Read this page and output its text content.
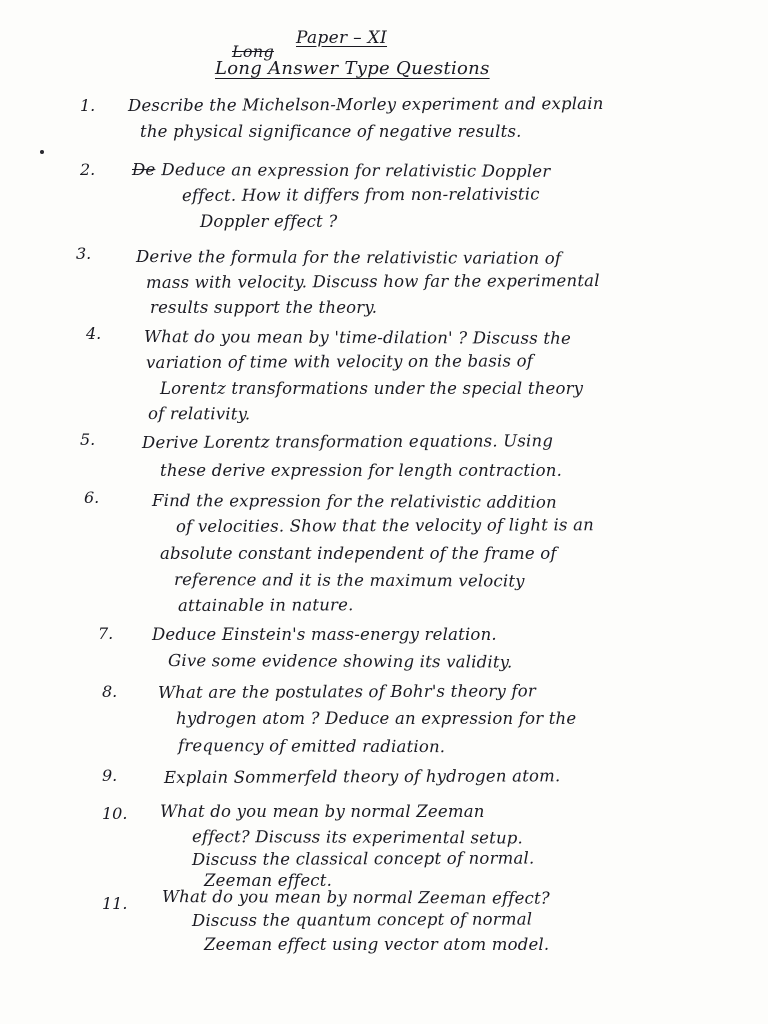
LongPaper – XI
Long Answer Type Questions
1. Describe the Michelson-Morley experiment and explain
the physical significance of negative results.
2. De Deduce an expression for relativistic Doppler
effect. How it differs from non-relativistic
Doppler effect ?
3.	Derive the formula for the relativistic variation of
mass with velocity. Discuss how far the experimental
results support the theory.
4.	What do you mean by 'time-dilation' ? Discuss the
variation of time with velocity on the basis of
Lorentz transformations under the special theory
of relativity.
5.	Derive Lorentz transformation equations. Using
these derive expression for length contraction.
6.	Find the expression for the relativistic addition
of velocities. Show that the velocity of light is an
absolute constant independent of the frame of
reference and it is the maximum velocity
attainable in nature.
7. Deduce Einstein's mass-energy relation.
Give some evidence showing its validity.
8. What are the postulates of Bohr's theory for
hydrogen atom ? Deduce an expression for the
frequency of emitted radiation.
9.	Explain Sommerfeld theory of hydrogen atom.
10. What do you mean by normal Zeeman
effect? Discuss its experimental setup.
Discuss the classical concept of normal.
Zeeman effect.
11. What do you mean by normal Zeeman effect?
Discuss the quantum concept of normal
Zeeman effect using vector atom model.
